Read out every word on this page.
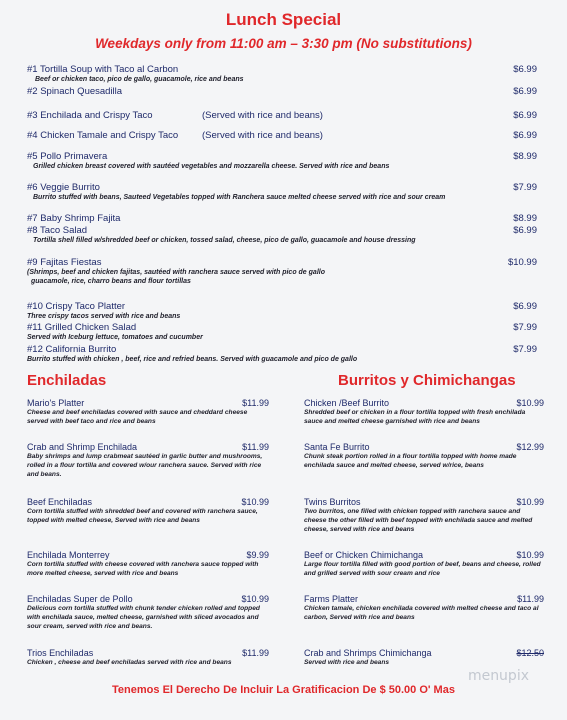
Lunch Special
Weekdays only from 11:00 am – 3:30 pm (No substitutions)
#1 Tortilla Soup with Taco al Carbon	$6.99
Beef or chicken taco, pico de gallo, guacamole, rice and beans
#2 Spinach Quesadilla	$6.99
#3 Enchilada and Crispy Taco	(Served with rice and beans)	$6.99
#4 Chicken Tamale and Crispy Taco	(Served with rice and beans)	$6.99
#5 Pollo Primavera	$8.99
Grilled chicken breast covered with sautéed vegetables and mozzarella cheese. Served with rice and beans
#6 Veggie Burrito	$7.99
Burrito stuffed with beans, Sauteed Vegetables topped with Ranchera sauce melted cheese served with rice and sour cream
#7 Baby Shrimp Fajita	$8.99
#8 Taco Salad	$6.99
Tortilla shell filled w/shredded beef or chicken, tossed salad, cheese, pico de gallo, guacamole and house dressing
#9 Fajitas Fiestas	$10.99
(Shrimps, beef and chicken fajitas, sautéed with ranchera sauce served with pico de gallo
guacamole, rice, charro beans and flour tortillas
#10 Crispy Taco Platter	$6.99
Three crispy tacos served with rice and beans
#11 Grilled Chicken Salad	$7.99
Served with Iceburg lettuce, tomatoes and cucumber
#12 California Burrito	$7.99
Burrito stuffed with chicken , beef, rice and refried beans. Served with guacamole and pico de gallo
Enchiladas	Burritos y Chimichangas
Mario's Platter	$11.99
Cheese and beef enchiladas covered with sauce and cheddard cheese served with beef taco and rice and beans
Crab and Shrimp Enchilada	$11.99
Baby shrimps and lump crabmeat sautéed in garlic butter and mushrooms, rolled in a flour tortilla and covered w/our ranchera sauce. Served with rice and beans.
Beef Enchiladas	$10.99
Corn tortilla stuffed with shredded beef and covered with ranchera sauce, topped with melted cheese, Served with rice and beans
Enchilada Monterrey	$9.99
Corn tortilla stuffed with cheese covered with ranchera sauce topped with more melted cheese, served with rice and beans
Enchiladas Super de Pollo	$10.99
Delicious corn tortilla stuffed with chunk tender chicken rolled and topped with enchilada sauce, melted cheese, garnished with sliced avocados and sour cream, served with rice and beans.
Trios Enchiladas	$11.99
Chicken , cheese and beef enchiladas served with rice and beans
Chicken /Beef Burrito	$10.99
Shredded beef or chicken in a flour tortilla topped with fresh enchilada sauce and melted cheese garnished with rice and beans
Santa Fe Burrito	$12.99
Chunk steak portion rolled in a flour tortilla topped with home made enchilada sauce and melted cheese, served w/rice, beans
Twins Burritos	$10.99
Two burritos, one filled with chicken topped with ranchera sauce and cheese the other filled with beef topped with enchilada sauce and melted cheese, served with rice and beans
Beef or Chicken Chimichanga	$10.99
Large flour tortilla filled with good portion of beef, beans and cheese, rolled and grilled served with sour cream and rice
Farms Platter	$11.99
Chicken tamale, chicken enchilada covered with melted cheese and taco al carbon, Served with rice and beans
Crab and Shrimps Chimichanga	$12.50
Served with rice and beans
menupix
Tenemos El Derecho De Incluir La Gratificacion De $ 50.00 O' Mas
